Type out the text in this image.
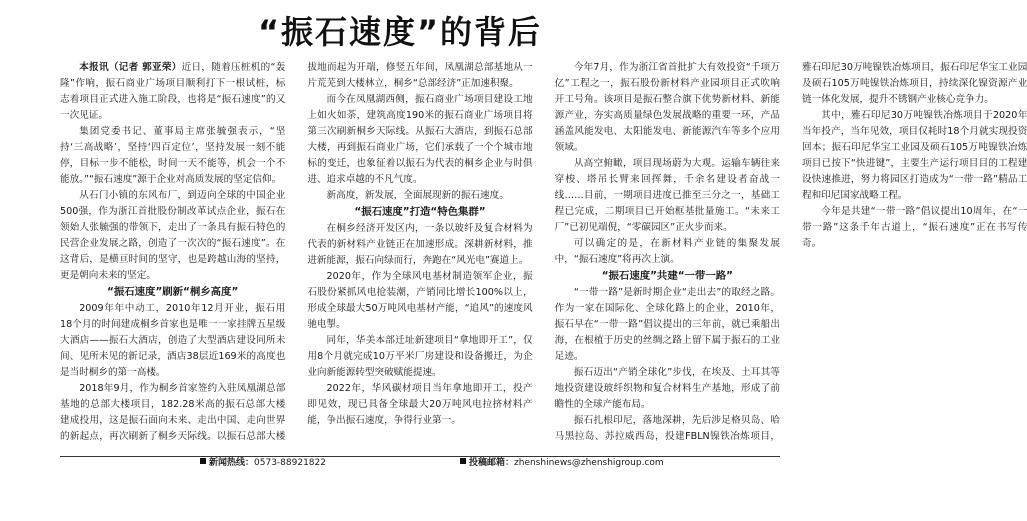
“振石速度”的背后

本报讯（记者 郭亚荣）近日，随着压桩机的“轰隆”作响，振石商业广场项目顺利打下一根试桩，标志着项目正式进入施工阶段，也将是“振石速度”的又一次见证。

集团党委书记、董事局主席张毓强表示，“坚持‘三高战略’，坚持‘四百定位’，坚持发展一刻不能停，目标一步不能松，时间一天不能等，机会一个不能放。”“振石速度”源于企业对高质发展的坚定信仰。

从石门小镇的东风布厂，到迈向全球的中国企业500强，作为浙江首批股份制改革试点企业，振石在领始人张毓强的带领下，走出了一条具有振石特色的民营企业发展之路，创造了一次次的“振石速度”。在这背后，是横亘时间的坚守，也是跨越山海的坚持，更是朝向未来的坚定。

“振石速度”刷新“桐乡高度”

2009年年中动工，2010年12月开业，振石用18个月的时间建成桐乡首家也是唯一一家挂牌五星级大酒店——振石大酒店，创造了大型酒店建设同所未间、见所未见的新记录，酒店38层近169米的高度也是当时桐乡的第一高楼。

2018年9月，作为桐乡首家签约入驻凤凰湖总部基地的总部大楼项目，182.28米高的振石总部大楼建成投用，这是振石面向未来、走出中国、走向世界的新起点，再次刷新了桐乡天际线。以振石总部大楼拔地而起为开端，修竖五年间，凤凰湖总部基地从一片荒芜到大楼林立，桐乡“总部经济”正加速积聚。

而今在凤凰湖西侧，振石商业广场项目建设工地上如火如荼，建筑高度190米的振石商业广场项目将第三次刷新桐乡天际线。从振石大酒店，到振石总部大楼，再到振石商业广场，它们承载了一个个城市地标的变迁，也象征着以振石为代表的桐乡企业与时俱进、追求卓越的不凡气度。

新高度，新发展，全面展现新的振石速度。

“振石速度”打造“特色集群”

在桐乡经济开发区内，一条以玻纤及复合材料为代表的新材料产业链正在加速形成。深耕新材料，推进新能源，振石向绿而行，奔跑在“风光电”赛道上。

2020年，作为全球风电基材制造领军企业，振石股份紧抓风电抢装潮，产销同比增长100%以上，形成全球最大50万吨风电基材产能，“追风”的速度风驰电掣。

同年，华美本部迁址新建项目“拿地即开工”，仅用8个月就完成10万平米厂房建设和设备搬迁，为企业向新能源转型突破赋能提速。

2022年，华风碳材项目当年拿地即开工，投产即见效，现已具备全球最大20万吨风电拉挤材料产能，争出振石速度，争得行业第一。

今年7月，作为浙江省首批扩大有效投资“千项万亿”工程之一，振石股份新材料产业园项目正式吹响开工号角。该项目是振石整合旗下优势新材料、新能源产业，夯实高质量绿色发展战略的重要一环，产品涵盖风能发电、太阳能发电、新能源汽车等多个应用领域。

从高空俯瞰，项目现场蔚为大观。运输车辆往来穿梭、塔吊长臂来回挥舞，千余名建设者奋战一线……目前，一期项目进度已推至三分之一，基础工程已完成，二期项目已开始框基批量施工。“未来工厂”已初见端倪，“零碳园区”正火步而来。

可以确定的是，在新材料产业链的集聚发展中，“振石速度”将再次上演。

“振石速度”共建“一带一路”

“一带一路”是新时期企业“走出去”的取经之路。作为一家在国际化、全球化路上的企业，2010年，振石早在“一带一路”倡议提出的三年前，就已乘船出海，在根植于历史的丝绸之路上留下属于振石的工业足迹。

振石迈出“产销全球化”步伐，在埃及、土耳其等地投资建设玻纤织物和复合材料生产基地，形成了前瞻性的全球产能布局。

振石扎根印尼，落地深耕，先后涉足格贝岛、哈马黑拉岛、苏拉威西岛，投建FBLN镍铁冶炼项目，雅石印尼30万吨镍铁冶炼项目，振石印尼华宝工业园及硕石105万吨镍铁冶炼项目，持续深化镍资源产业链一体化发展，提升不锈钢产业核心竞争力。

其中，雅石印尼30万吨镍铁冶炼项目于2020年当年投产，当年见效，项目仅耗时18个月就实现投资回本；振石印尼华宝工业园及硕石105万吨镍铁冶炼项目已按下“快进键”，主要生产运行项目目的工程建设快速推进，努力将园区打造成为“一带一路”精品工程和印尼国家战略工程。

今年是共建“一带一路”倡议提出10周年，在“一带一路”这条千年古道上，“振石速度”正在书写传奇。

新闻热线：0573-88921822	投稿邮箱：zhenshinews@zhenshigroup.com
